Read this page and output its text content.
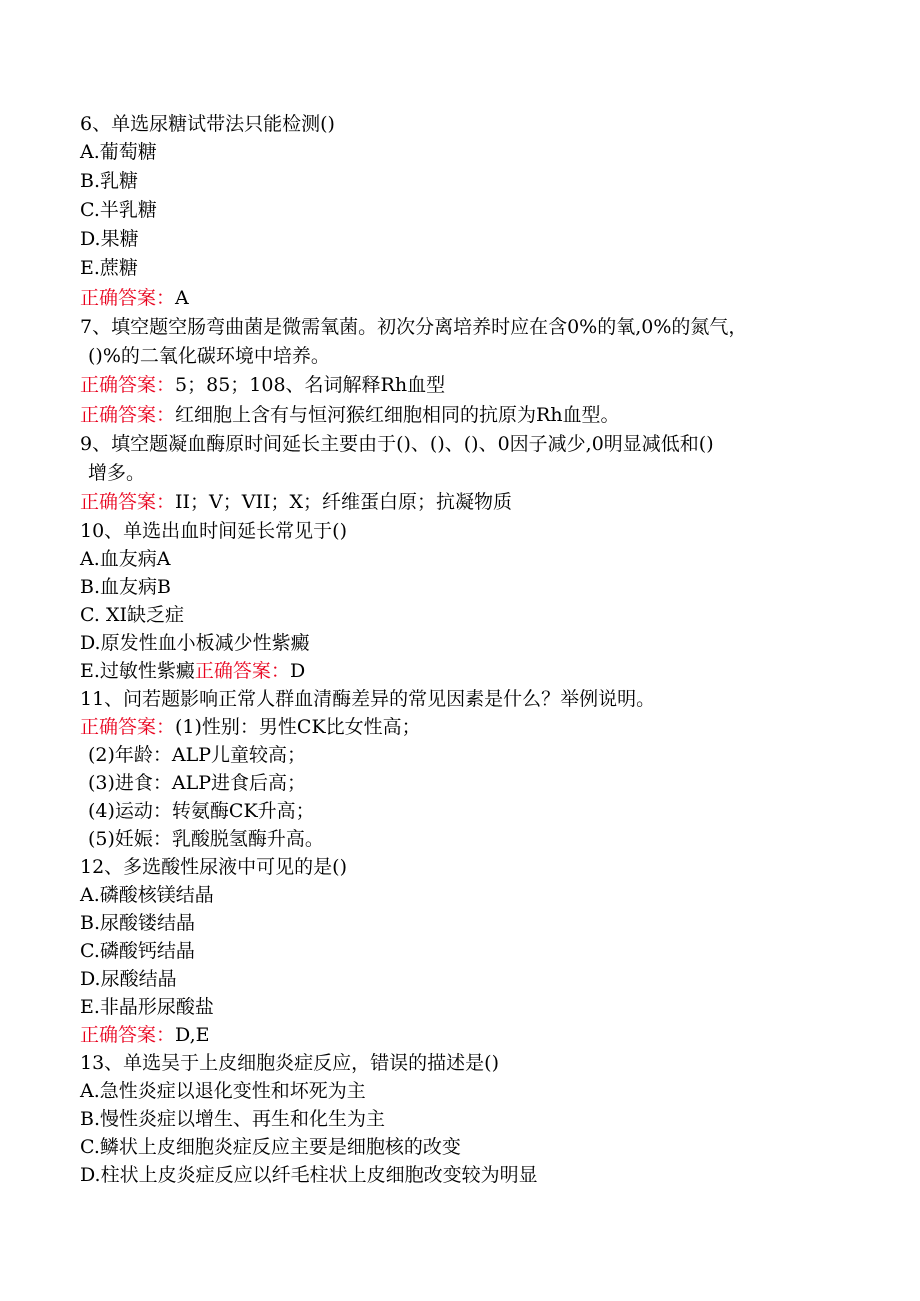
6、单选尿糖试带法只能检测()

A.葡萄糖

B.乳糖

C.半乳糖

D.果糖

E.蔗糖

正确答案：A

7、填空题空肠弯曲菌是微需氧菌。初次分离培养时应在含0%的氧,0%的氮气，

()%的二氧化碳环境中培养。

正确答案：5；85；108、名词解释Rh血型

正确答案：红细胞上含有与恒河猴红细胞相同的抗原为Rh血型。

9、填空题凝血酶原时间延长主要由于()、()、()、0因子减少,0明显减低和()

增多。

正确答案：II；V；VII；X；纤维蛋白原；抗凝物质

10、单选出血时间延长常见于()

A.血友病A

B.血友病B

C. XI缺乏症

D.原发性血小板减少性紫癜

E.过敏性紫癜正确答案：D

11、问若题影响正常人群血清酶差异的常见因素是什么？举例说明。

正确答案：(1)性别：男性CK比女性高；

(2)年龄：ALP儿童较高；

(3)进食：ALP进食后高；

(4)运动：转氨酶CK升高；

(5)妊娠：乳酸脱氢酶升高。

12、多选酸性尿液中可见的是()

A.磷酸核镁结晶

B.尿酸镂结晶

C.磷酸钙结晶

D.尿酸结晶

E.非晶形尿酸盐

正确答案：D,E

13、单选吴于上皮细胞炎症反应，错误的描述是()

A.急性炎症以退化变性和坏死为主

B.慢性炎症以增生、再生和化生为主

C.鳞状上皮细胞炎症反应主要是细胞核的改变

D.柱状上皮炎症反应以纤毛柱状上皮细胞改变较为明显
